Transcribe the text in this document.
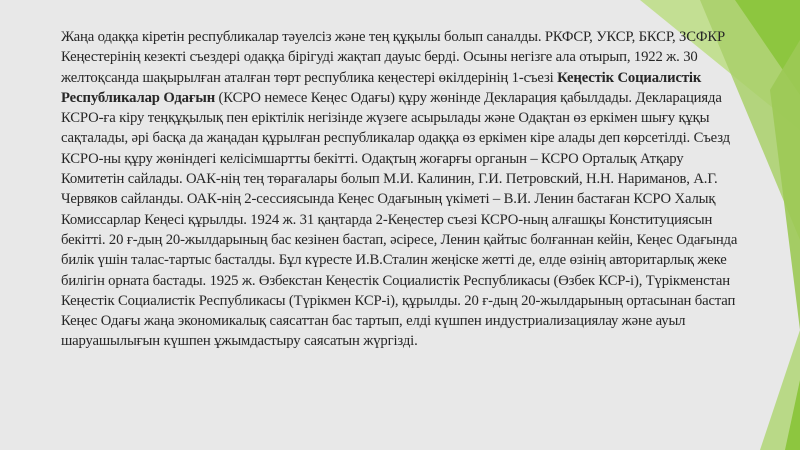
Жаңа одаққа кіретін республикалар тәуелсіз және тең құқылы болып саналды. РКФСР, УКСР, БКСР, ЗСФКР Кеңестерінің кезекті съездері одаққа бірігуді жақтап дауыс берді. Осыны негізге ала отырып, 1922 ж. 30 желтоқсанда шақырылған аталған төрт республика кеңестері өкілдерінің 1-съезі Кеңестік Социалистік Республикалар Одағын (КСРО немесе Кеңес Одағы) құру жөнінде Декларация қабылдады. Декларацияда КСРО-ға кіру теңқұқылық пен еріктілік негізінде жүзеге асырылады және Одақтан өз еркімен шығу құқы сақталады, әрі басқа да жаңадан құрылған республикалар одаққа өз еркімен кіре алады деп көрсетілді. Съезд КСРО-ны құру жөніндегі келісімшартты бекітті. Одақтың жоғарғы органын – КСРО Орталық Атқару Комитетін сайлады. ОАК-нің тең төрағалары болып М.И. Калинин, Г.И. Петровский, Н.Н. Нариманов, А.Г. Червяков сайланды. ОАК-нің 2-сессиясында Кеңес Одағының үкіметі – В.И. Ленин бастаған КСРО Халық Комиссарлар Кеңесі құрылды. 1924 ж. 31 қаңтарда 2-Кеңестер съезі КСРО-ның алғашқы Конституциясын бекітті. 20 ғ-дың 20-жылдарының бас кезінен бастап, әсіресе, Ленин қайтыс болғаннан кейін, Кеңес Одағында билік үшін талас-тартыс басталды. Бұл күресте И.В.Сталин жеңіске жетті де, елде өзінің авторитарлық жеке билігін орната бастады. 1925 ж. Өзбекстан Кеңестік Социалистік Республикасы (Өзбек КСР-і), Түрікменстан Кеңестік Социалистік Республикасы (Түрікмен КСР-і), құрылды. 20 ғ-дың 20-жылдарының ортасынан бастап Кеңес Одағы жаңа экономикалық саясаттан бас тартып, елді күшпен индустриализациялау және ауыл шаруашылығын күшпен ұжымдастыру саясатын жүргізді.
